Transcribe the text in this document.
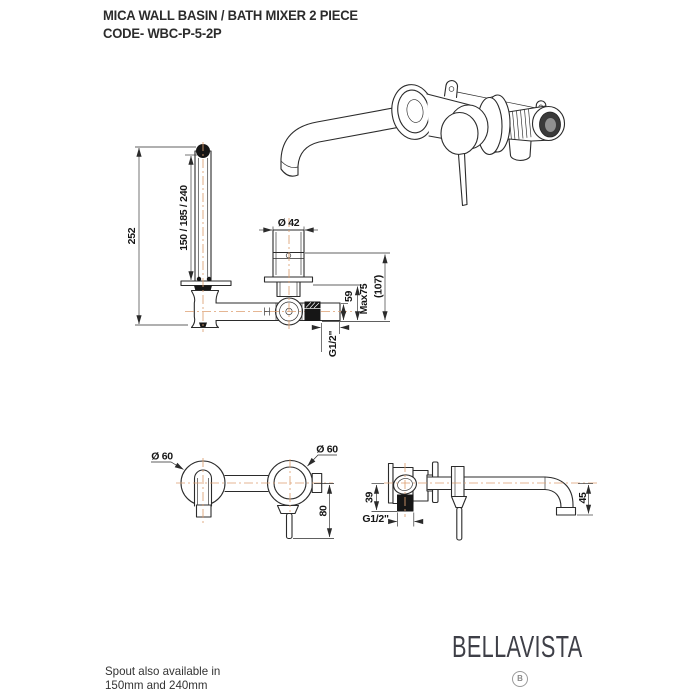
252	150 / 185 / 240	Ø 42
59 Max75 (107)
G1/2"
Ø 60
Ø 60
80
39
G1/2"
45
MICA WALL BASIN / BATH MIXER 2 PIECE
CODE- WBC-P-5-2P
BELLAVISTA
B
Spout also available in
150mm and 240mm
